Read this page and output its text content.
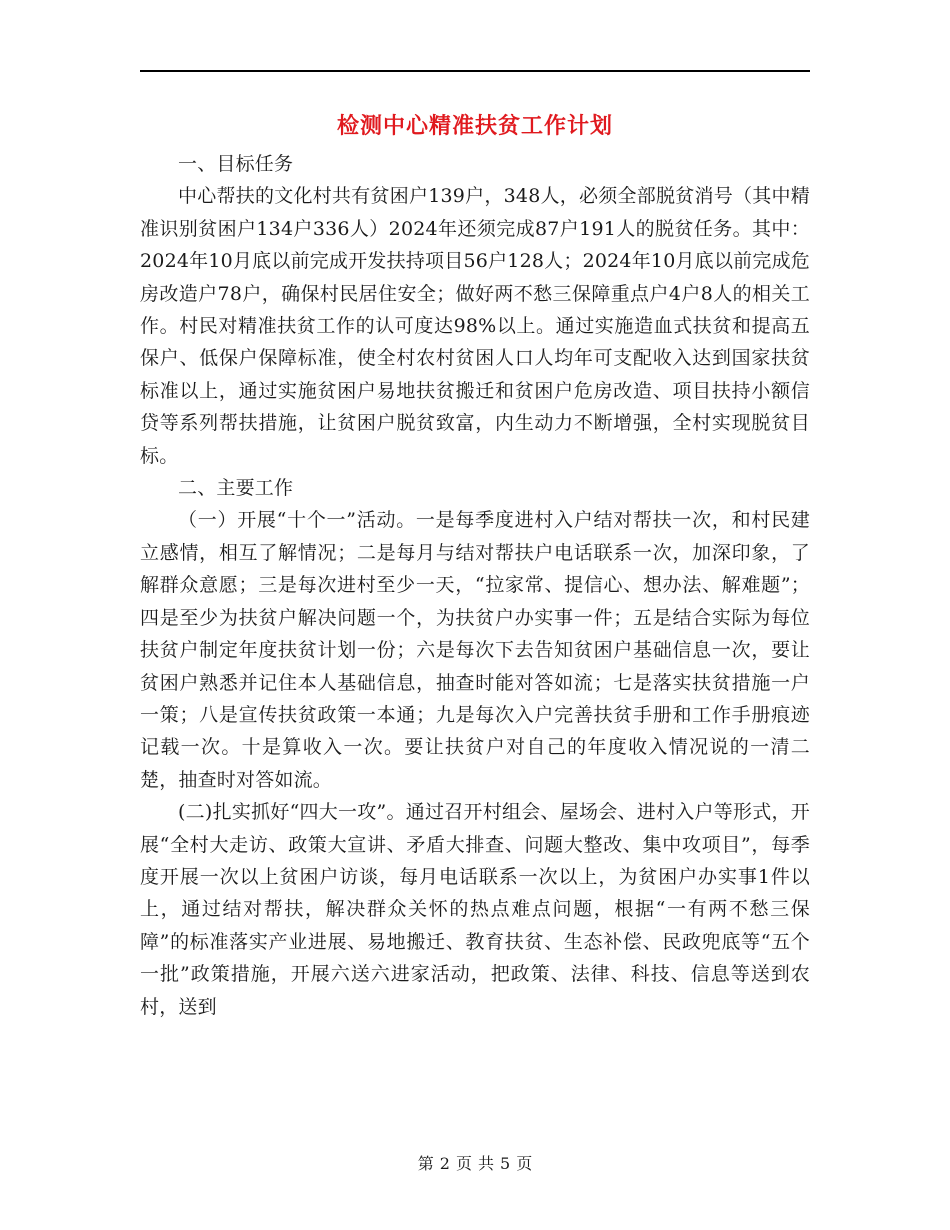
检测中心精准扶贫工作计划

一、目标任务

中心帮扶的文化村共有贫困户139户，348人，必须全部脱贫消号（其中精准识别贫困户134户336人）2024年还须完成87户191人的脱贫任务。其中：2024年10月底以前完成开发扶持项目56户128人；2024年10月底以前完成危房改造户78户，确保村民居住安全；做好两不愁三保障重点户4户8人的相关工作。村民对精准扶贫工作的认可度达98%以上。通过实施造血式扶贫和提高五保户、低保户保障标准，使全村农村贫困人口人均年可支配收入达到国家扶贫标准以上，通过实施贫困户易地扶贫搬迁和贫困户危房改造、项目扶持小额信贷等系列帮扶措施，让贫困户脱贫致富，内生动力不断增强，全村实现脱贫目标。

二、主要工作

（一）开展“十个一”活动。一是每季度进村入户结对帮扶一次，和村民建立感情，相互了解情况；二是每月与结对帮扶户电话联系一次，加深印象，了解群众意愿；三是每次进村至少一天，“拉家常、提信心、想办法、解难题”；四是至少为扶贫户解决问题一个，为扶贫户办实事一件；五是结合实际为每位扶贫户制定年度扶贫计划一份；六是每次下去告知贫困户基础信息一次，要让贫困户熟悉并记住本人基础信息，抽查时能对答如流；七是落实扶贫措施一户一策；八是宣传扶贫政策一本通；九是每次入户完善扶贫手册和工作手册痕迹记载一次。十是算收入一次。要让扶贫户对自己的年度收入情况说的一清二楚，抽查时对答如流。

(二)扎实抓好“四大一攻”。通过召开村组会、屋场会、进村入户等形式，开展“全村大走访、政策大宣讲、矛盾大排查、问题大整改、集中攻项目”，每季度开展一次以上贫困户访谈，每月电话联系一次以上，为贫困户办实事1件以上，通过结对帮扶，解决群众关怀的热点难点问题，根据“一有两不愁三保障”的标准落实产业进展、易地搬迁、教育扶贫、生态补偿、民政兜底等“五个一批”政策措施，开展六送六进家活动，把政策、法律、科技、信息等送到农村，送到

第 2 页 共 5 页
